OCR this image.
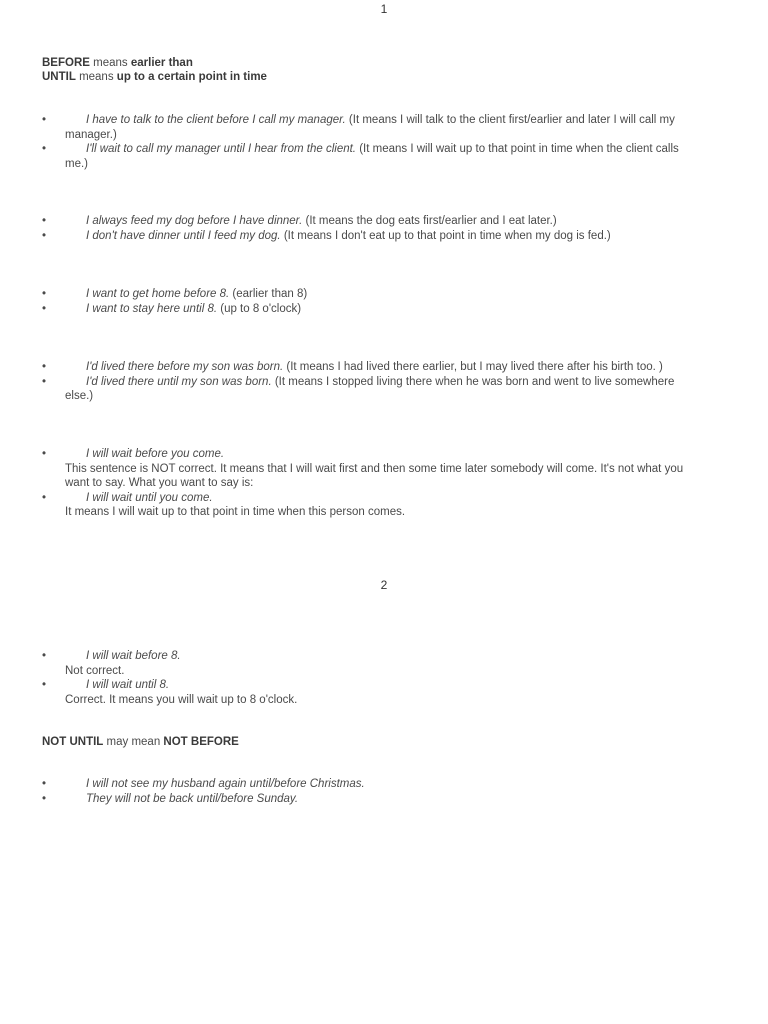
1
BEFORE means earlier than
UNTIL means up to a certain point in time
•	I have to talk to the client before I call my manager. (It means I will talk to the client first/earlier and later I will call my
manager.)
•	I'll wait to call my manager until I hear from the client. (It means I will wait up to that point in time when the client calls
me.)
•	I always feed my dog before I have dinner. (It means the dog eats first/earlier and I eat later.)
•	I don't have dinner until I feed my dog. (It means I don't eat up to that point in time when my dog is fed.)
•	I want to get home before 8. (earlier than 8)
•	I want to stay here until 8. (up to 8 o'clock)
•	I'd lived there before my son was born. (It means I had lived there earlier, but I may lived there after his birth too. )
•	I'd lived there until my son was born. (It means I stopped living there when he was born and went to live somewhere
else.)
•	I will wait before you come.
This sentence is NOT correct. It means that I will wait first and then some time later somebody will come. It's not what you
want to say. What you want to say is:
•	I will wait until you come.
It means I will wait up to that point in time when this person comes.
2
•	I will wait before 8.
Not correct.
•	I will wait until 8.
Correct. It means you will wait up to 8 o'clock.
NOT UNTIL may mean NOT BEFORE
•	I will not see my husband again until/before Christmas.
•	They will not be back until/before Sunday.
